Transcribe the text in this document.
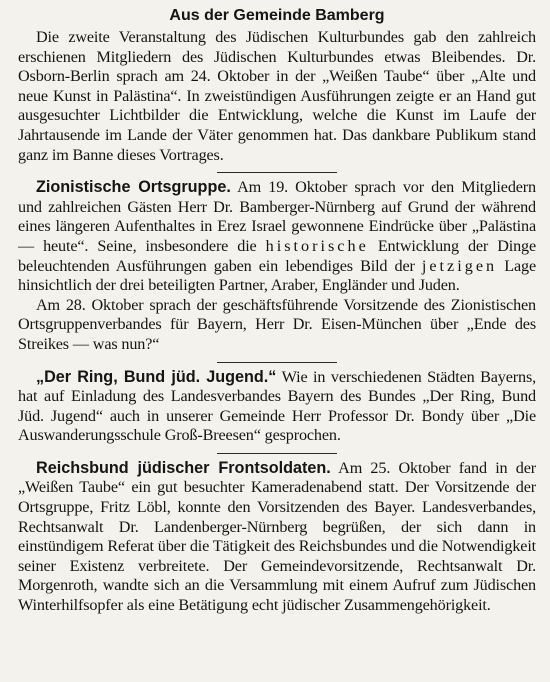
Aus der Gemeinde Bamberg

Die zweite Veranstaltung des Jüdischen Kulturbundes gab den zahlreich erschienen Mitgliedern des Jüdischen Kulturbundes etwas Bleibendes. Dr. Osborn-Berlin sprach am 24. Oktober in der „Weißen Taube“ über „Alte und neue Kunst in Palästina“. In zweistündigen Ausführungen zeigte er an Hand gut ausgesuchter Lichtbilder die Entwicklung, welche die Kunst im Laufe der Jahrtausende im Lande der Väter genommen hat. Das dankbare Publikum stand ganz im Banne dieses Vortrages.

Zionistische Ortsgruppe. Am 19. Oktober sprach vor den Mitgliedern und zahlreichen Gästen Herr Dr. Bamberger-Nürnberg auf Grund der während eines längeren Aufenthaltes in Erez Israel gewonnene Eindrücke über „Palästina — heute“. Seine, insbesondere die historische Entwicklung der Dinge beleuchtenden Ausführungen gaben ein lebendiges Bild der jetzigen Lage hinsichtlich der drei beteiligten Partner, Araber, Engländer und Juden.

Am 28. Oktober sprach der geschäftsführende Vorsitzende des Zionistischen Ortsgruppenverbandes für Bayern, Herr Dr. Eisen-München über „Ende des Streikes — was nun?“

„Der Ring, Bund jüd. Jugend.“ Wie in verschiedenen Städten Bayerns, hat auf Einladung des Landesverbandes Bayern des Bundes „Der Ring, Bund Jüd. Jugend“ auch in unserer Gemeinde Herr Professor Dr. Bondy über „Die Auswanderungsschule Groß-Breesen“ gesprochen.

Reichsbund jüdischer Frontsoldaten. Am 25. Oktober fand in der „Weißen Taube“ ein gut besuchter Kameradenabend statt. Der Vorsitzende der Ortsgruppe, Fritz Löbl, konnte den Vorsitzenden des Bayer. Landesverbandes, Rechtsanwalt Dr. Landenberger-Nürnberg begrüßen, der sich dann in einstündigem Referat über die Tätigkeit des Reichsbundes und die Notwendigkeit seiner Existenz verbreitete. Der Gemeindevorsitzende, Rechtsanwalt Dr. Morgenroth, wandte sich an die Versammlung mit einem Aufruf zum Jüdischen Winterhilfsopfer als eine Betätigung echt jüdischer Zusammengehörigkeit.
